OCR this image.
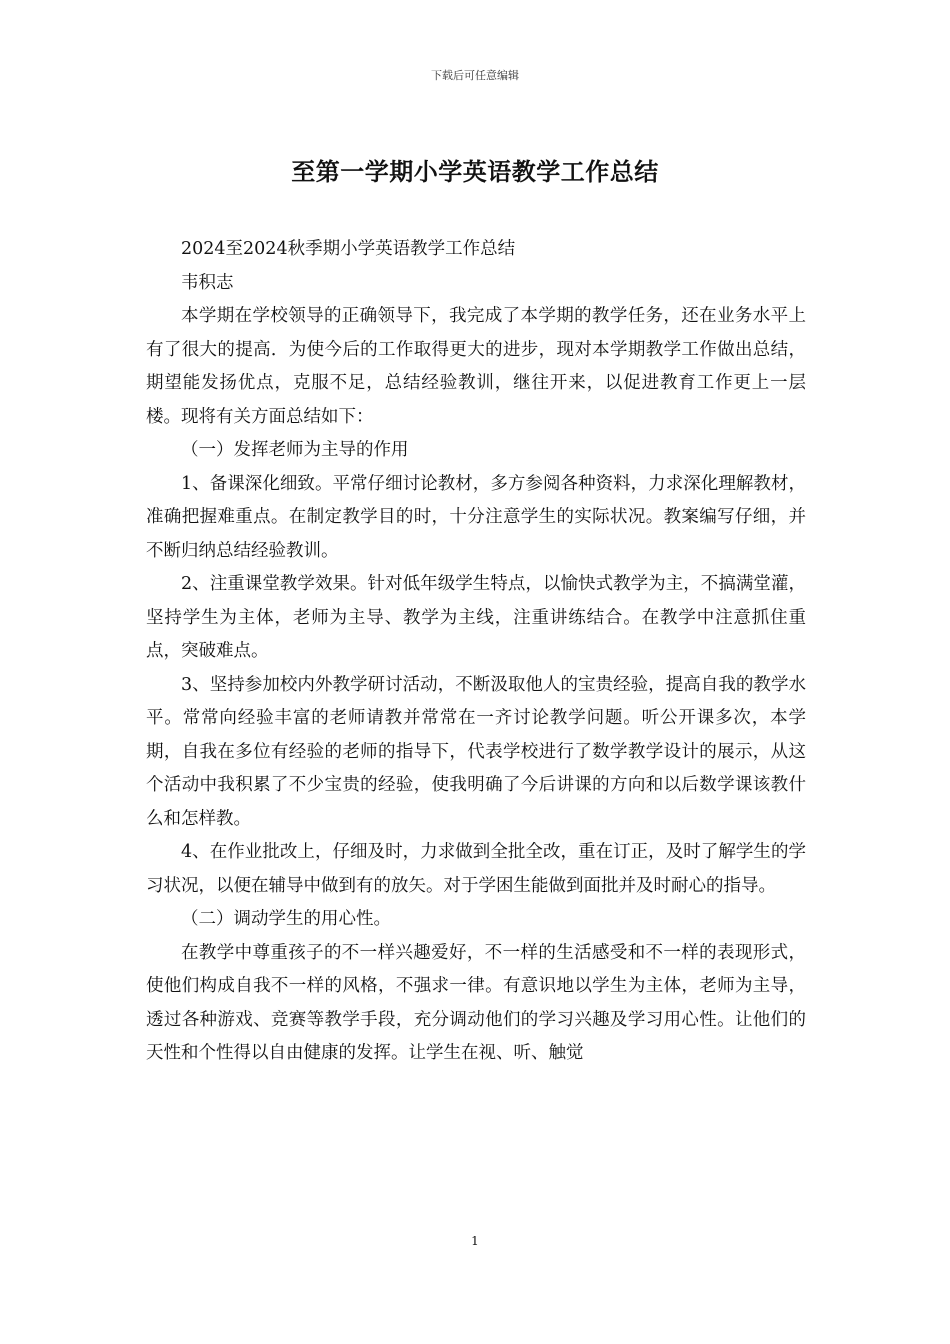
下载后可任意编辑
至第一学期小学英语教学工作总结

2024至2024秋季期小学英语教学工作总结

韦积志

本学期在学校领导的正确领导下，我完成了本学期的教学任务，还在业务水平上有了很大的提高．为使今后的工作取得更大的进步，现对本学期教学工作做出总结，期望能发扬优点，克服不足，总结经验教训，继往开来，以促进教育工作更上一层楼。现将有关方面总结如下：

（一）发挥老师为主导的作用

1、备课深化细致。平常仔细讨论教材，多方参阅各种资料，力求深化理解教材，准确把握难重点。在制定教学目的时，十分注意学生的实际状况。教案编写仔细，并不断归纳总结经验教训。

2、注重课堂教学效果。针对低年级学生特点，以愉快式教学为主，不搞满堂灌，坚持学生为主体，老师为主导、教学为主线，注重讲练结合。在教学中注意抓住重点，突破难点。

3、坚持参加校内外教学研讨活动，不断汲取他人的宝贵经验，提高自我的教学水平。常常向经验丰富的老师请教并常常在一齐讨论教学问题。听公开课多次，本学期，自我在多位有经验的老师的指导下，代表学校进行了数学教学设计的展示，从这个活动中我积累了不少宝贵的经验，使我明确了今后讲课的方向和以后数学课该教什么和怎样教。

4、在作业批改上，仔细及时，力求做到全批全改，重在订正，及时了解学生的学习状况，以便在辅导中做到有的放矢。对于学困生能做到面批并及时耐心的指导。

（二）调动学生的用心性。

在教学中尊重孩子的不一样兴趣爱好，不一样的生活感受和不一样的表现形式，使他们构成自我不一样的风格，不强求一律。有意识地以学生为主体，老师为主导，透过各种游戏、竞赛等教学手段，充分调动他们的学习兴趣及学习用心性。让他们的天性和个性得以自由健康的发挥。让学生在视、听、触觉

1
